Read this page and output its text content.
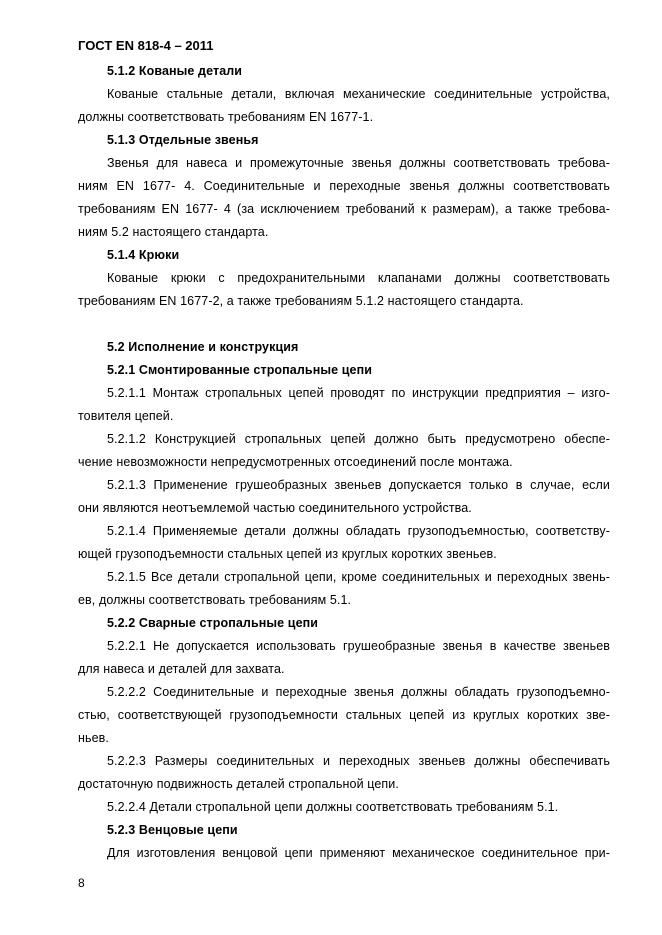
ГОСТ EN 818-4 – 2011
5.1.2 Кованые детали
Кованые стальные детали, включая механические соединительные устройства,
должны соответствовать требованиям EN 1677-1.
5.1.3 Отдельные звенья
Звенья для навеса и промежуточные звенья должны соответствовать требова-
ниям EN 1677- 4. Соединительные и переходные звенья должны соответствовать
требованиям EN 1677- 4 (за исключением требований к размерам), а также требова-
ниям 5.2 настоящего стандарта.
5.1.4 Крюки
Кованые крюки с предохранительными клапанами должны соответствовать
требованиям EN 1677-2, а также требованиям 5.1.2 настоящего стандарта.
5.2 Исполнение и конструкция
5.2.1 Смонтированные стропальные цепи
5.2.1.1 Монтаж стропальных цепей проводят по инструкции предприятия – изго-
товителя цепей.
5.2.1.2 Конструкцией стропальных цепей должно быть предусмотрено обеспе-
чение невозможности непредусмотренных отсоединений после монтажа.
5.2.1.3 Применение грушеобразных звеньев допускается только в случае, если
они являются неотъемлемой частью соединительного устройства.
5.2.1.4 Применяемые детали должны обладать грузоподъемностью, соответству-
ющей грузоподъемности стальных цепей из круглых коротких звеньев.
5.2.1.5 Все детали стропальной цепи, кроме соединительных и переходных звень-
ев, должны соответствовать требованиям 5.1.
5.2.2 Сварные стропальные цепи
5.2.2.1 Не допускается использовать грушеобразные звенья в качестве звеньев
для навеса и деталей для захвата.
5.2.2.2 Соединительные и переходные звенья должны обладать грузоподъемно-
стью, соответствующей грузоподъемности стальных цепей из круглых коротких зве-
ньев.
5.2.2.3 Размеры соединительных и переходных звеньев должны обеспечивать
достаточную подвижность деталей стропальной цепи.
5.2.2.4 Детали стропальной цепи должны соответствовать требованиям 5.1.
5.2.3 Венцовые цепи
Для изготовления венцовой цепи применяют механическое соединительное при-
8
